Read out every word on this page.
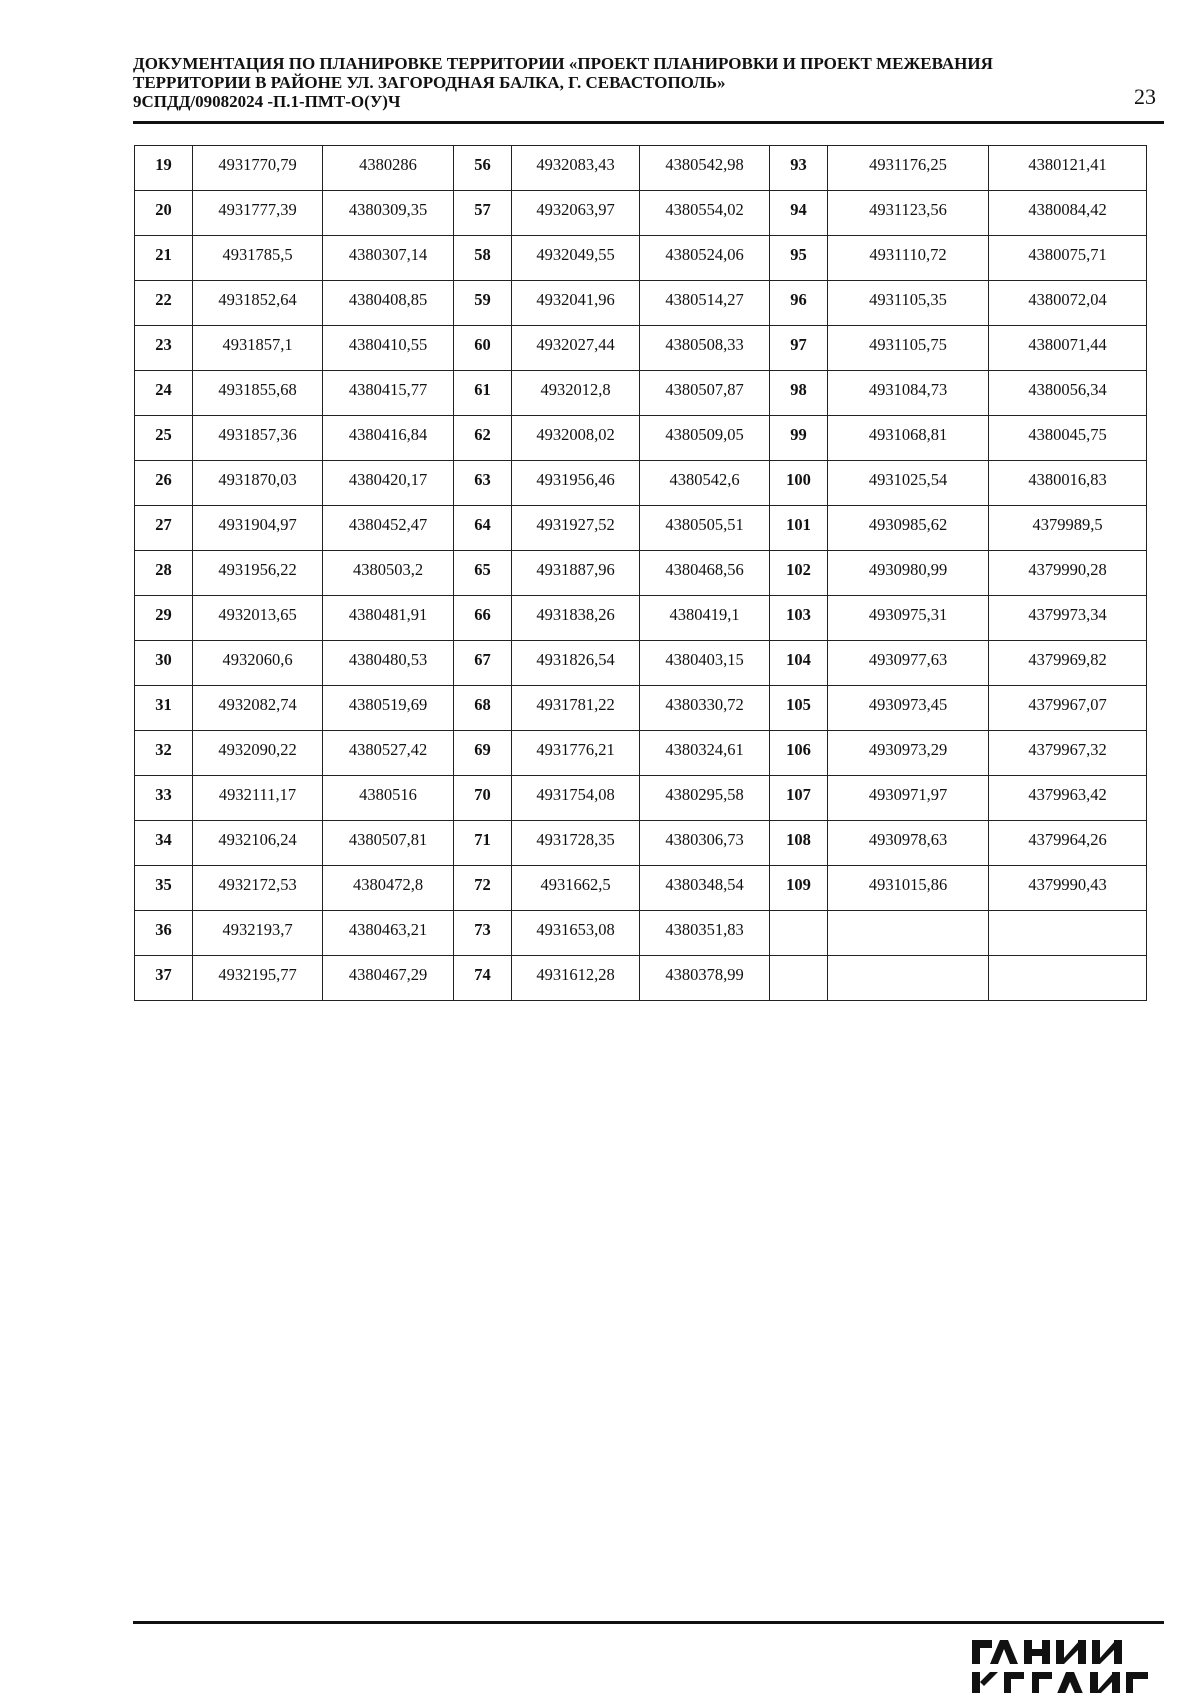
ДОКУМЕНТАЦИЯ ПО ПЛАНИРОВКЕ ТЕРРИТОРИИ «ПРОЕКТ ПЛАНИРОВКИ И ПРОЕКТ МЕЖЕВАНИЯ
ТЕРРИТОРИИ В РАЙОНЕ УЛ. ЗАГОРОДНАЯ БАЛКА, Г. СЕВАСТОПОЛЬ»
9СПДД/09082024 -П.1-ПМТ-О(У)Ч	23
19	4931770,79	4380286	56	4932083,43	4380542,98	93	4931176,25	4380121,41
20	4931777,39	4380309,35	57	4932063,97	4380554,02	94	4931123,56	4380084,42
21	4931785,5	4380307,14	58	4932049,55	4380524,06	95	4931110,72	4380075,71
22	4931852,64	4380408,85	59	4932041,96	4380514,27	96	4931105,35	4380072,04
23	4931857,1	4380410,55	60	4932027,44	4380508,33	97	4931105,75	4380071,44
24	4931855,68	4380415,77	61	4932012,8	4380507,87	98	4931084,73	4380056,34
25	4931857,36	4380416,84	62	4932008,02	4380509,05	99	4931068,81	4380045,75
26	4931870,03	4380420,17	63	4931956,46	4380542,6	100	4931025,54	4380016,83
27	4931904,97	4380452,47	64	4931927,52	4380505,51	101	4930985,62	4379989,5
28	4931956,22	4380503,2	65	4931887,96	4380468,56	102	4930980,99	4379990,28
29	4932013,65	4380481,91	66	4931838,26	4380419,1	103	4930975,31	4379973,34
30	4932060,6	4380480,53	67	4931826,54	4380403,15	104	4930977,63	4379969,82
31	4932082,74	4380519,69	68	4931781,22	4380330,72	105	4930973,45	4379967,07
32	4932090,22	4380527,42	69	4931776,21	4380324,61	106	4930973,29	4379967,32
33	4932111,17	4380516	70	4931754,08	4380295,58	107	4930971,97	4379963,42
34	4932106,24	4380507,81	71	4931728,35	4380306,73	108	4930978,63	4379964,26
35	4932172,53	4380472,8	72	4931662,5	4380348,54	109	4931015,86	4379990,43
36	4932193,7	4380463,21	73	4931653,08	4380351,83			
37	4932195,77	4380467,29	74	4931612,28	4380378,99			
